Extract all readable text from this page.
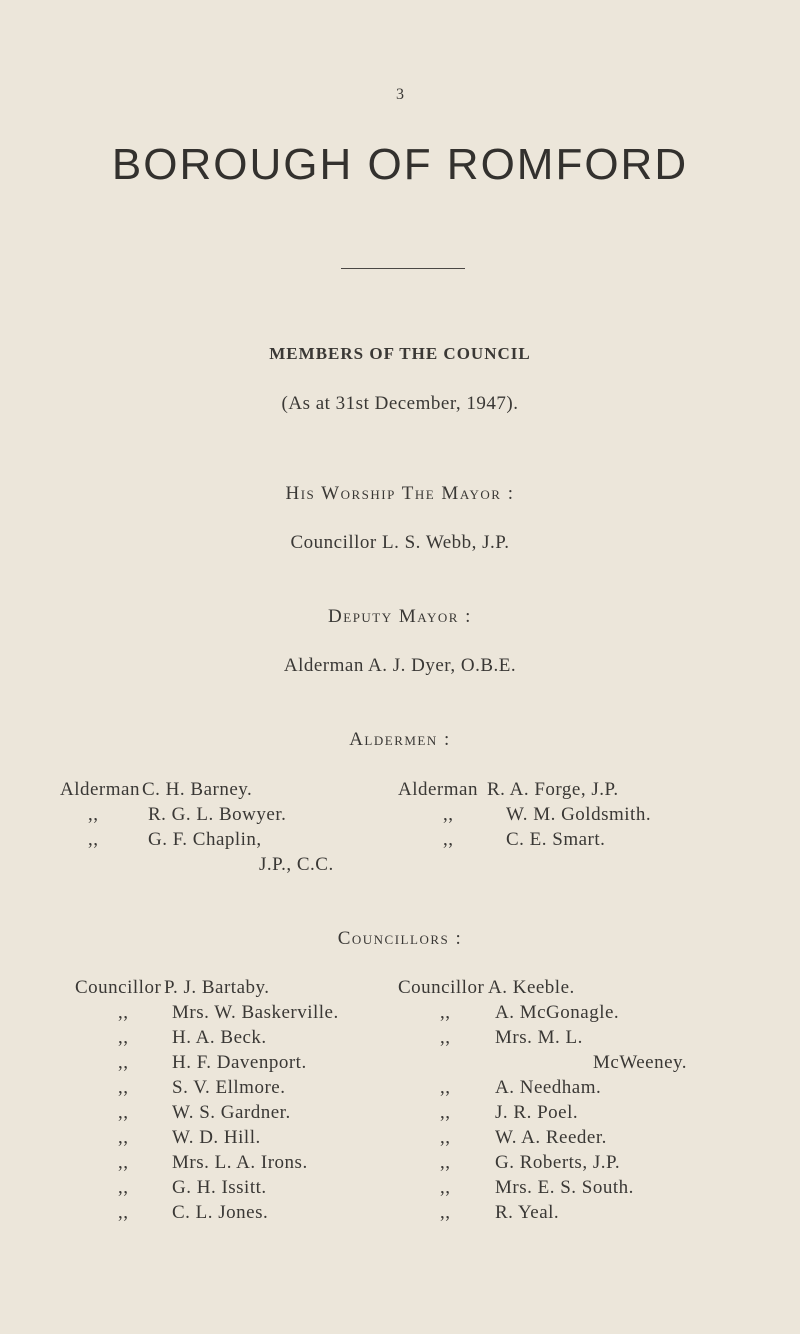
3
BOROUGH OF ROMFORD
MEMBERS OF THE COUNCIL
(As at 31st December, 1947).
His Worship The Mayor :
Councillor L. S. Webb, J.P.
Deputy Mayor :
Alderman A. J. Dyer, O.B.E.
Aldermen :
Alderman C. H. Barney.
,,	R. G. L. Bowyer.
,,	G. F. Chaplin,
J.P., C.C.
Alderman R. A. Forge, J.P.
,,	W. M. Goldsmith.
,,	C. E. Smart.
Councillors :
Councillor P. J. Bartaby.
,, Mrs. W. Baskerville.
,, H. A. Beck.
,, H. F. Davenport.
,, S. V. Ellmore.
,, W. S. Gardner.
,, W. D. Hill.
,, Mrs. L. A. Irons.
,, G. H. Issitt.
,, C. L. Jones.
Councillor A. Keeble.
,, A. McGonagle.
,, Mrs. M. L.
McWeeney.
,, A. Needham.
,, J. R. Poel.
,, W. A. Reeder.
,, G. Roberts, J.P.
,, Mrs. E. S. South.
,, R. Yeal.
